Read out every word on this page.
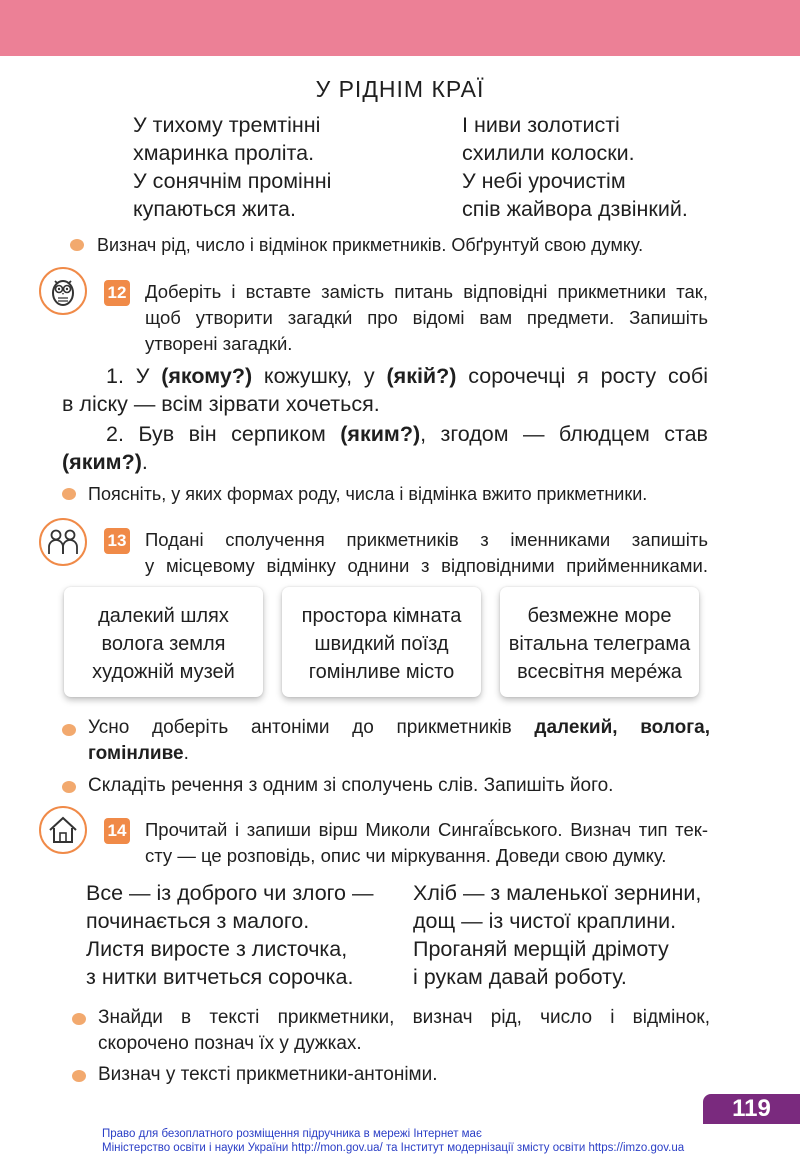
У РІДНІМ КРАЇ
У тихому тремтінні
хмаринка проліта.
У сонячнім промінні
купаються жита.
І ниви золотисті
схилили колоски.
У небі урочистім
спів жайвора дзвінкий.
Визнач рід, число і відмінок прикметників. Обґрунтуй свою думку.
12 Доберіть і вставте замість питань відповідні прикметники так,
щоб утворити загадки́ про відомі вам предмети. Запишіть
утворені загадки́.
1. У (якому?) кожушку, у (якій?) сорочечці я росту собі
в ліску — всім зірвати хочеться.
2. Був він серпиком (яким?), згодом — блюдцем став
(яким?).
Поясніть, у яких формах роду, числа і відмінка вжито прикметники.
13 Подані сполучення прикметників з іменниками запишіть
у місцевому відмінку однини з відповідними прийменниками.
далекий шлях
волога земля
художній музей
простора кімната
швидкий поїзд
гомінливе місто
безмежне море
вітальна телеграма
всесвітня мере́жа
Усно доберіть антоніми до прикметників далекий, волога,
гомінливе.
Складіть речення з одним зі сполучень слів. Запишіть його.
14 Прочитай і запиши вірш Миколи Сингаї́вського. Визнач тип тек-
сту — це розповідь, опис чи міркування. Доведи свою думку.
Все — із доброго чи злого —
починається з малого.
Листя виросте з листочка,
з нитки витчеться сорочка.
Хліб — з маленької зернини,
дощ — із чистої краплини.
Проганяй мерщій дрімоту
і рукам давай роботу.
Знайди в тексті прикметники, визнач рід, число і відмінок,
скорочено познач їх у дужках.
Визнач у тексті прикметники-антоніми.
119
Право для безоплатного розміщення підручника в мережі Інтернет має
Міністерство освіти і науки України http://mon.gov.ua/ та Інститут модернізації змісту освіти https://imzo.gov.ua
